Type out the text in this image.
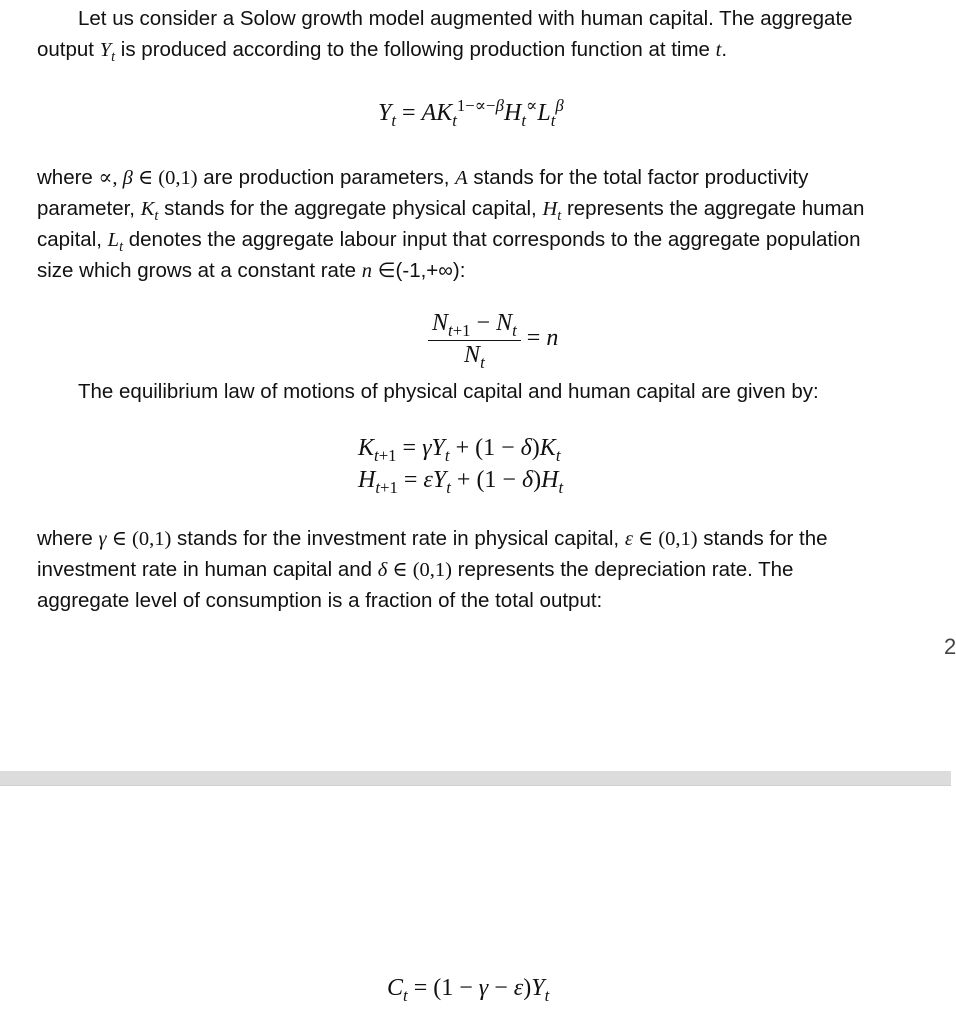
Let us consider a Solow growth model augmented with human capital. The aggregate
output $Y_t$ is produced according to the following production function at time t.
$Y_t = AK_t^{1-\propto-\beta}H_t^\propto L_t^\beta$
where ∝, β ∈ (0,1) are production parameters, A stands for the total factor productivity
parameter, $K_t$ stands for the aggregate physical capital, $H_t$ represents the aggregate human
capital, $L_t$ denotes the aggregate labour input that corresponds to the aggregate population
size which grows at a constant rate n ∈(-1,+∞):
$\frac{N_{t+1} - N_t}{N_t} = n$
The equilibrium law of motions of physical capital and human capital are given by:
$K_{t+1} = \gamma Y_t + (1 - \delta)K_t$
$H_{t+1} = \varepsilon Y_t + (1 - \delta)H_t$
where γ ∈ (0,1) stands for the investment rate in physical capital, ε ∈ (0,1) stands for the
investment rate in human capital and δ ∈ (0,1) represents the depreciation rate. The
aggregate level of consumption is a fraction of the total output:
2
$C_t = (1 - \gamma - \varepsilon)Y_t$
